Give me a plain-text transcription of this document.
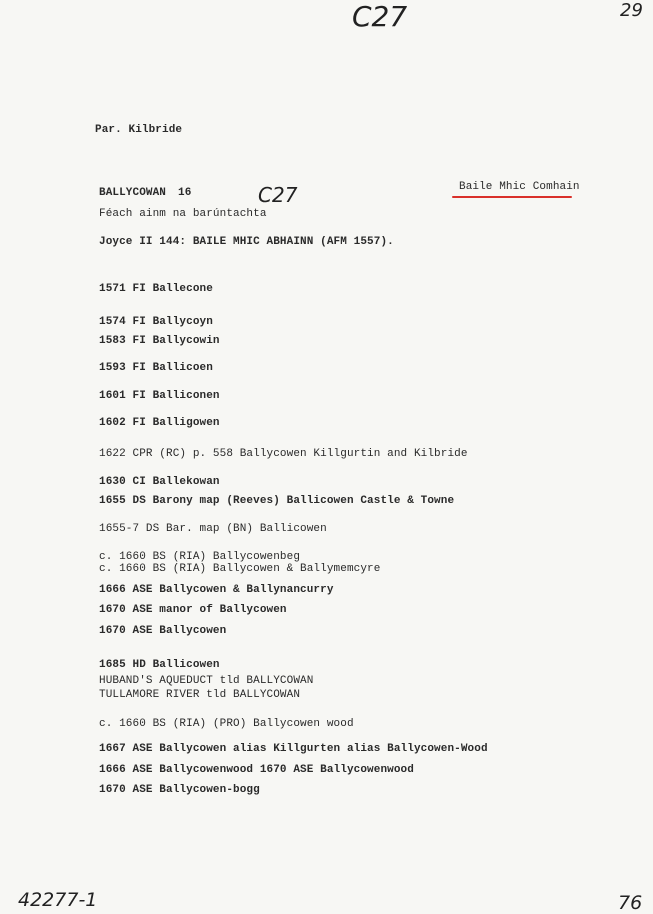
C27	29
C27
42277-1	76
Par. Kilbride
BALLYCOWAN 16	Baile Mhic Comhain
Féach ainm na barúntachta
Joyce II 144: BAILE MHIC ABHAINN (AFM 1557).
1571 FI Ballecone
1574 FI Ballycoyn
1583 FI Ballycowin
1593 FI Ballicoen
1601 FI Balliconen
1602 FI Balligowen
1622 CPR (RC) p. 558 Ballycowen Killgurtin and Kilbride
1630 CI Ballekowan
1655 DS Barony map (Reeves) Ballicowen Castle & Towne
1655-7 DS Bar. map (BN) Ballicowen
c. 1660 BS (RIA) Ballycowenbeg
c. 1660 BS (RIA) Ballycowen & Ballymemcyre
1666 ASE Ballycowen & Ballynancurry
1670 ASE manor of Ballycowen
1670 ASE Ballycowen
1685 HD Ballicowen
HUBAND'S AQUEDUCT tld BALLYCOWAN
TULLAMORE RIVER tld BALLYCOWAN
c. 1660 BS (RIA) (PRO) Ballycowen wood
1667 ASE Ballycowen alias Killgurten alias Ballycowen-Wood
1666 ASE Ballycowenwood 1670 ASE Ballycowenwood
1670 ASE Ballycowen-bogg
